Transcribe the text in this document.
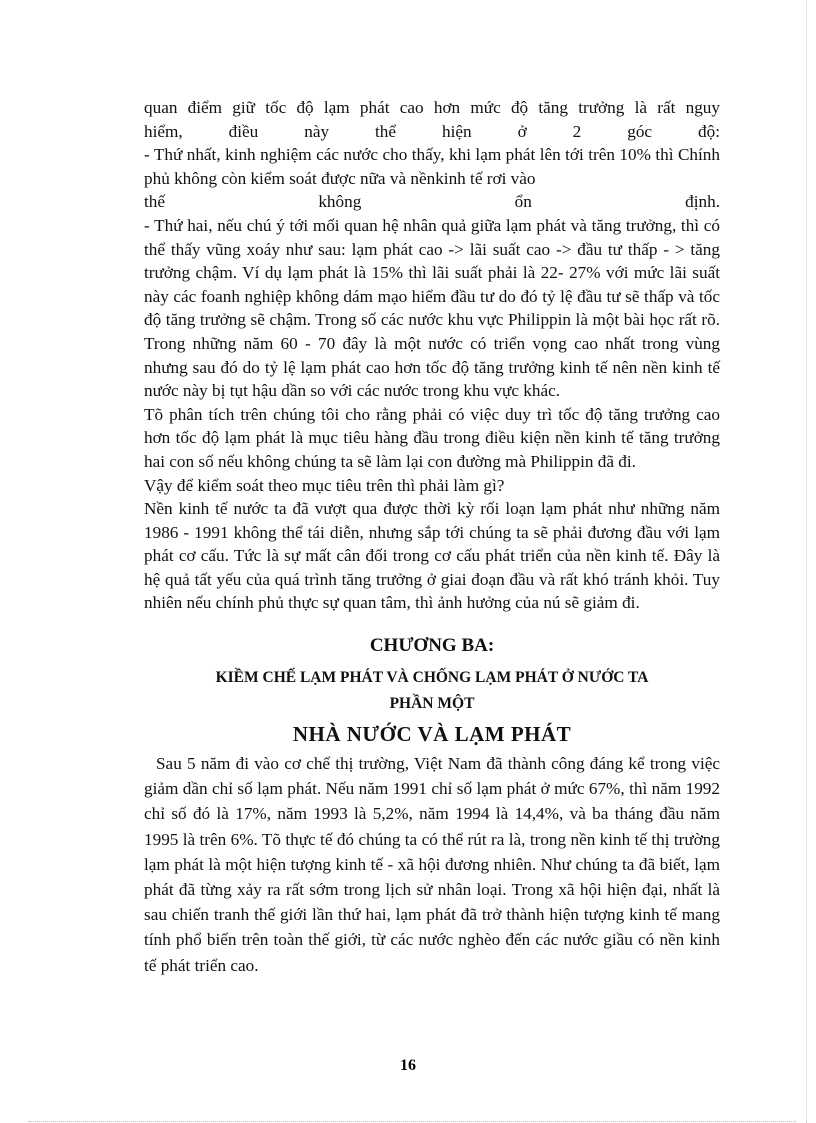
quan điểm giữ tốc độ lạm phát cao hơn mức độ tăng trưởng là rất nguy

hiểm, điều này thể hiện ở 2 góc độ:

- Thứ nhất, kinh nghiệm các nước cho thấy, khi lạm phát lên tới trên 10% thì Chính phủ không còn kiểm soát được nữa và nềnkinh tế rơi vào

thế không ổn định.

- Thứ hai, nếu chú ý tới mối quan hệ nhân quả giữa lạm phát và tăng trưởng, thì có thể thấy vũng xoáy như sau: lạm phát cao -> lãi suất cao -> đầu tư thấp - > tăng trưởng chậm. Ví dụ lạm phát là 15% thì lãi suất phải là 22- 27% với mức lãi suất này các foanh nghiệp không dám mạo hiểm đầu tư do đó tỷ lệ đầu tư sẽ thấp và tốc độ tăng trưởng sẽ chậm. Trong số các nước khu vực Philippin là một bài học rất rõ. Trong những năm 60 - 70 đây là một nước có triển vọng cao nhất trong vùng nhưng sau đó do tỷ lệ lạm phát cao hơn tốc độ tăng trưởng kinh tế nên nền kinh tế nước này bị tụt hậu dần so với các nước trong khu vực khác.

Tõ phân tích trên chúng tôi cho rằng phải có việc duy trì tốc độ tăng trưởng cao hơn tốc độ lạm phát là mục tiêu hàng đầu trong điều kiện nền kinh tế tăng trưởng hai con số nếu không chúng ta sẽ làm lại con đường mà Philippin đã đi.

Vậy để kiểm soát theo mục tiêu trên thì phải làm gì?

Nền kinh tế nước ta đã vượt qua được thời kỳ rối loạn lạm phát như những năm 1986 - 1991 không thể tái diễn, nhưng sắp tới chúng ta sẽ phải đương đầu với lạm phát cơ cấu. Tức là sự mất cân đối trong cơ cấu phát triển của nền kinh tế. Đây là hệ quả tất yếu của quá trình tăng trưởng ở giai đoạn đầu và rất khó tránh khỏi. Tuy nhiên nếu chính phủ thực sự quan tâm, thì ảnh hưởng của nú sẽ giảm đi.

CHƯƠNG BA:
KIỀM CHẾ LẠM PHÁT VÀ CHỐNG LẠM PHÁT Ở NƯỚC TA
PHẦN MỘT
NHÀ NƯỚC VÀ LẠM PHÁT

Sau 5 năm đi vào cơ chế thị trường, Việt Nam đã thành công đáng kể trong việc giảm dần chỉ số lạm phát. Nếu năm 1991 chỉ số lạm phát ở mức 67%, thì năm 1992 chỉ số đó là 17%, năm 1993 là 5,2%, năm 1994 là 14,4%, và ba tháng đầu năm 1995 là trên 6%. Tõ thực tế đó chúng ta có thể rút ra là, trong nền kinh tế thị trường lạm phát là một hiện tượng kinh tế - xã hội đương nhiên. Như chúng ta đã biết, lạm phát đã từng xảy ra rất sớm trong lịch sử nhân loại. Trong xã hội hiện đại, nhất là sau chiến tranh thế giới lần thứ hai, lạm phát đã trở thành hiện tượng kinh tế mang tính phổ biến trên toàn thế giới, từ các nước nghèo đến các nước giầu có nền kinh tế phát triển cao.

16
